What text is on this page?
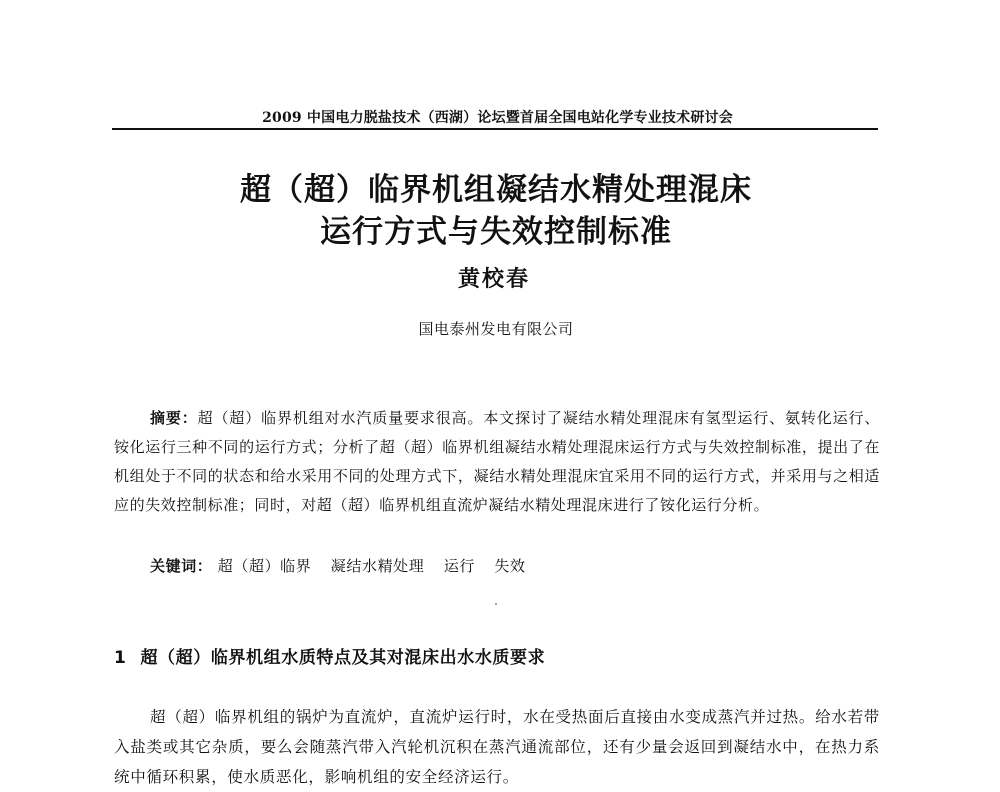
2009 中国电力脱盐技术（西湖）论坛暨首届全国电站化学专业技术研讨会
超（超）临界机组凝结水精处理混床
运行方式与失效控制标准
黄校春
国电泰州发电有限公司
摘要：超（超）临界机组对水汽质量要求很高。本文探讨了凝结水精处理混床有氢型运行、氨转化运行、铵化运行三种不同的运行方式；分析了超（超）临界机组凝结水精处理混床运行方式与失效控制标准，提出了在机组处于不同的状态和给水采用不同的处理方式下，凝结水精处理混床宜采用不同的运行方式，并采用与之相适应的失效控制标准；同时，对超（超）临界机组直流炉凝结水精处理混床进行了铵化运行分析。
关键词： 超（超）临界 凝结水精处理 运行 失效
1 超（超）临界机组水质特点及其对混床出水水质要求
超（超）临界机组的锅炉为直流炉，直流炉运行时，水在受热面后直接由水变成蒸汽并过热。给水若带入盐类或其它杂质，要么会随蒸汽带入汽轮机沉积在蒸汽通流部位，还有少量会返回到凝结水中，在热力系统中循环积累，使水质恶化，影响机组的安全经济运行。
